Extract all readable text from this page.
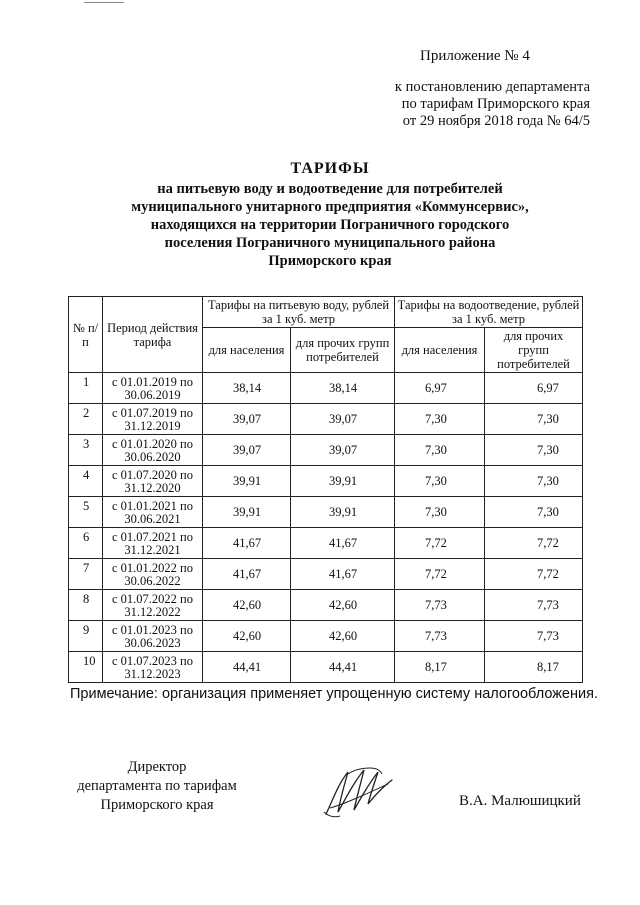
Приложение № 4
к постановлению департамента
по тарифам Приморского края
от 29 ноября 2018 года № 64/5
ТАРИФЫ
на питьевую воду и водоотведение для потребителей
муниципального унитарного предприятия «Коммунсервис»,
находящихся на территории Пограничного городского
поселения Пограничного муниципального района
Приморского края
№ п/п	Период действия тарифа	Тарифы на питьевую воду, рублей за 1 куб. метр		Тарифы на водоотведение, рублей за 1 куб. метр	
		для населения	для прочих групп потребителей	для населения	для прочих групп потребителей
1	с 01.01.2019 по 30.06.2019	38,14	38,14	6,97	6,97
2	с 01.07.2019 по 31.12.2019	39,07	39,07	7,30	7,30
3	с 01.01.2020 по 30.06.2020	39,07	39,07	7,30	7,30
4	с 01.07.2020 по 31.12.2020	39,91	39,91	7,30	7,30
5	с 01.01.2021 по 30.06.2021	39,91	39,91	7,30	7,30
6	с 01.07.2021 по 31.12.2021	41,67	41,67	7,72	7,72
7	с 01.01.2022 по 30.06.2022	41,67	41,67	7,72	7,72
8	с 01.07.2022 по 31.12.2022	42,60	42,60	7,73	7,73
9	с 01.01.2023 по 30.06.2023	42,60	42,60	7,73	7,73
10	с 01.07.2023 по 31.12.2023	44,41	44,41	8,17	8,17
Примечание: организация применяет упрощенную систему налогообложения.
Директор
департамента по тарифам
Приморского края	В.А. Малюшицкий
